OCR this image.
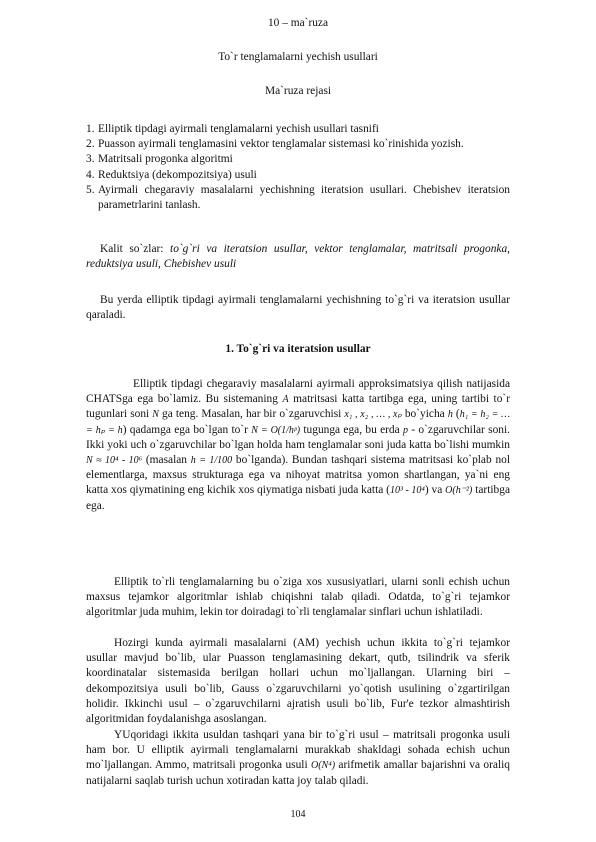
10 – ma`ruza
To`r tenglamalarni yechish usullari
Ma`ruza rejasi
1. Elliptik tipdagi ayirmali tenglamalarni yechish usullari tasnifi
2. Puasson ayirmali tenglamasini vektor tenglamalar sistemasi ko`rinishida yozish.
3. Matritsali progonka algoritmi
4. Reduktsiya (dekompozitsiya) usuli
5. Ayirmali chegaraviy masalalarni yechishning iteratsion usullari. Chebishev iteratsion parametrlarini tanlash.

Kalit so`zlar: to`g`ri va iteratsion usullar, vektor tenglamalar, matritsali progonka, reduktsiya usuli, Chebishev usuli

Bu yerda elliptik tipdagi ayirmali tenglamalarni yechishning to`g`ri va iteratsion usullar qaraladi.

1. To`g`ri va iteratsion usullar

Elliptik tipdagi chegaraviy masalalarni ayirmali approksimatsiya qilish natijasida CHATSga ega bo`lamiz. Bu sistemaning A matritsasi katta tartibga ega, uning tartibi to`r tugunlari soni N ga teng. Masalan, har bir o`zgaruvchisi x₁ , x₂ , … , xₚ bo`yicha h (h₁ = h₂ = … = hₚ = h) qadamga ega bo`lgan to`r N = O(1/hᵖ) tugunga ega, bu erda p - o`zgaruvchilar soni. Ikki yoki uch o`zgaruvchilar bo`lgan holda ham tenglamalar soni juda katta bo`lishi mumkin N ≈ 10⁴ - 10⁶ (masalan h = 1/100 bo`lganda). Bundan tashqari sistema matritsasi ko`plab nol elementlarga, maxsus strukturaga ega va nihoyat matritsa yomon shartlangan, ya`ni eng katta xos qiymatining eng kichik xos qiymatiga nisbati juda katta (10³ - 10⁴) va O(h⁻²) tartibga ega.

Elliptik to`rli tenglamalarning bu o`ziga xos xususiyatlari, ularni sonli echish uchun maxsus tejamkor algoritmlar ishlab chiqishni talab qiladi. Odatda, to`g`ri tejamkor algoritmlar juda muhim, lekin tor doiradagi to`rli tenglamalar sinflari uchun ishlatiladi.

Hozirgi kunda ayirmali masalalarni (AM) yechish uchun ikkita to`g`ri tejamkor usullar mavjud bo`lib, ular Puasson tenglamasining dekart, qutb, tsilindrik va sferik koordinatalar sistemasida berilgan hollari uchun mo`ljallangan. Ularning biri – dekompozitsiya usuli bo`lib, Gauss o`zgaruvchilarni yo`qotish usulining o`zgartirilgan holidir. Ikkinchi usul – o`zgaruvchilarni ajratish usuli bo`lib, Fur'e tezkor almashtirish algoritmidan foydalanishga asoslangan.

YUqoridagi ikkita usuldan tashqari yana bir to`g`ri usul – matritsali progonka usuli ham bor. U elliptik ayirmali tenglamalarni murakkab shakldagi sohada echish uchun mo`ljallangan. Ammo, matritsali progonka usuli O(N⁴) arifmetik amallar bajarishni va oraliq natijalarni saqlab turish uchun xotiradan katta joy talab qiladi.

104
